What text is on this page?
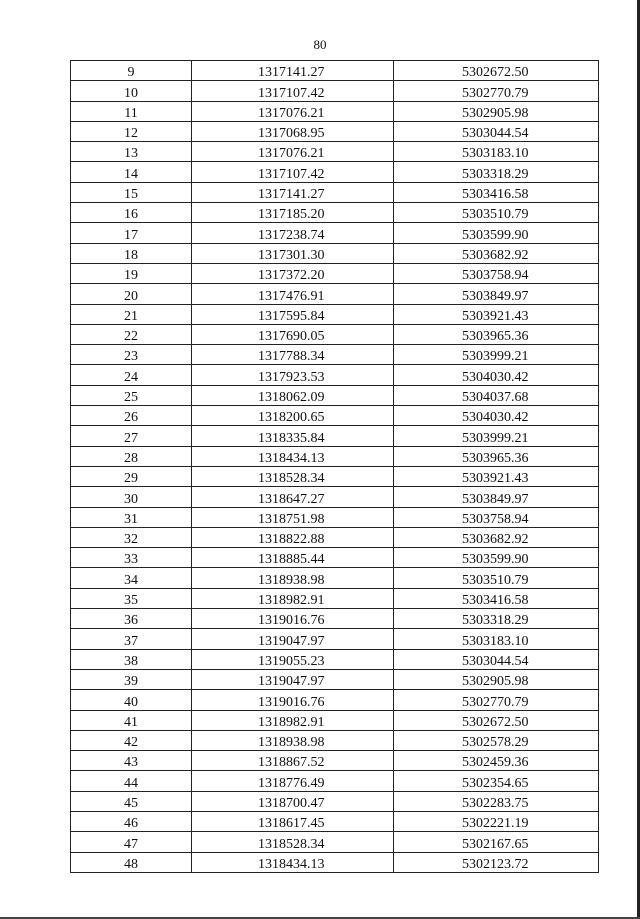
80
9	1317141.27	5302672.50
10	1317107.42	5302770.79
11	1317076.21	5302905.98
12	1317068.95	5303044.54
13	1317076.21	5303183.10
14	1317107.42	5303318.29
15	1317141.27	5303416.58
16	1317185.20	5303510.79
17	1317238.74	5303599.90
18	1317301.30	5303682.92
19	1317372.20	5303758.94
20	1317476.91	5303849.97
21	1317595.84	5303921.43
22	1317690.05	5303965.36
23	1317788.34	5303999.21
24	1317923.53	5304030.42
25	1318062.09	5304037.68
26	1318200.65	5304030.42
27	1318335.84	5303999.21
28	1318434.13	5303965.36
29	1318528.34	5303921.43
30	1318647.27	5303849.97
31	1318751.98	5303758.94
32	1318822.88	5303682.92
33	1318885.44	5303599.90
34	1318938.98	5303510.79
35	1318982.91	5303416.58
36	1319016.76	5303318.29
37	1319047.97	5303183.10
38	1319055.23	5303044.54
39	1319047.97	5302905.98
40	1319016.76	5302770.79
41	1318982.91	5302672.50
42	1318938.98	5302578.29
43	1318867.52	5302459.36
44	1318776.49	5302354.65
45	1318700.47	5302283.75
46	1318617.45	5302221.19
47	1318528.34	5302167.65
48	1318434.13	5302123.72
